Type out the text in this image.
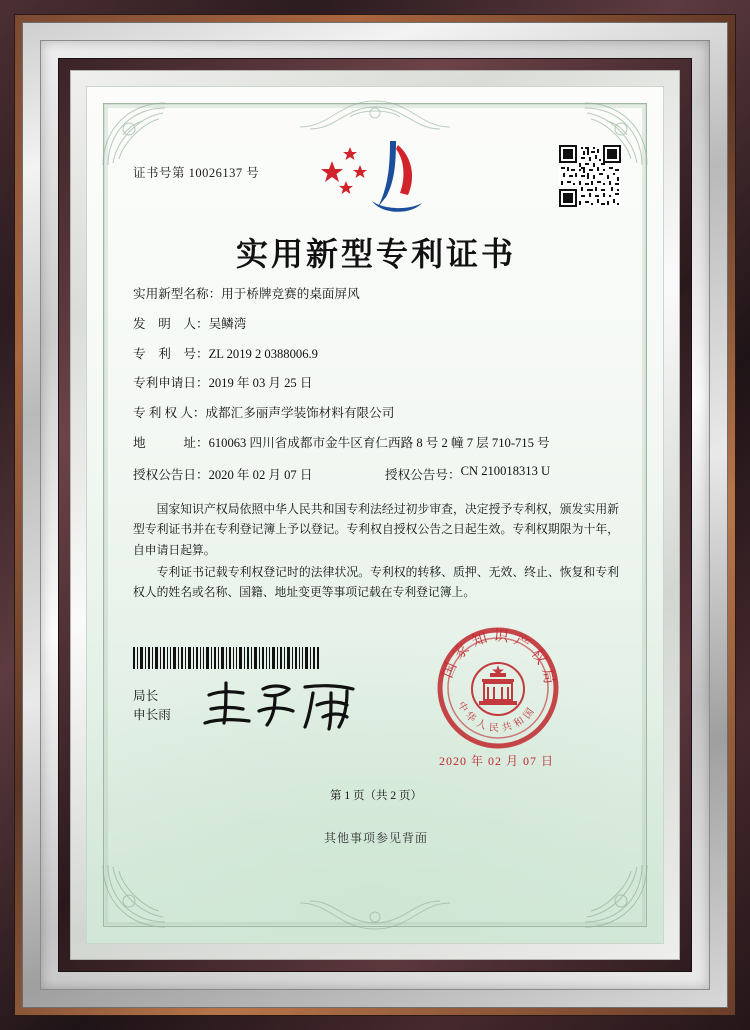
证书号第 10026137 号
实用新型专利证书
实用新型名称： 用于桥牌竞赛的桌面屏风
发　明　人： 吴鳞湾
专　利　号： ZL 2019 2 0388006.9
专利申请日： 2019 年 03 月 25 日
专 利 权 人： 成都汇多丽声学装饰材料有限公司
地　　　址： 610063 四川省成都市金牛区育仁西路 8 号 2 幢 7 层 710-715 号
授权公告日： 2020 年 02 月 07 日	授权公告号： CN 210018313 U

国家知识产权局依照中华人民共和国专利法经过初步审查，决定授予专利权，颁发实用新型专利证书并在专利登记簿上予以登记。专利权自授权公告之日起生效。专利权期限为十年，自申请日起算。

专利证书记载专利权登记时的法律状况。专利权的转移、质押、无效、终止、恢复和专利权人的姓名或名称、国籍、地址变更等事项记载在专利登记簿上。

局长
申长雨
国家知识产权局
中华人民共和国
2020 年 02 月 07 日
第 1 页（共 2 页）
其他事项参见背面
